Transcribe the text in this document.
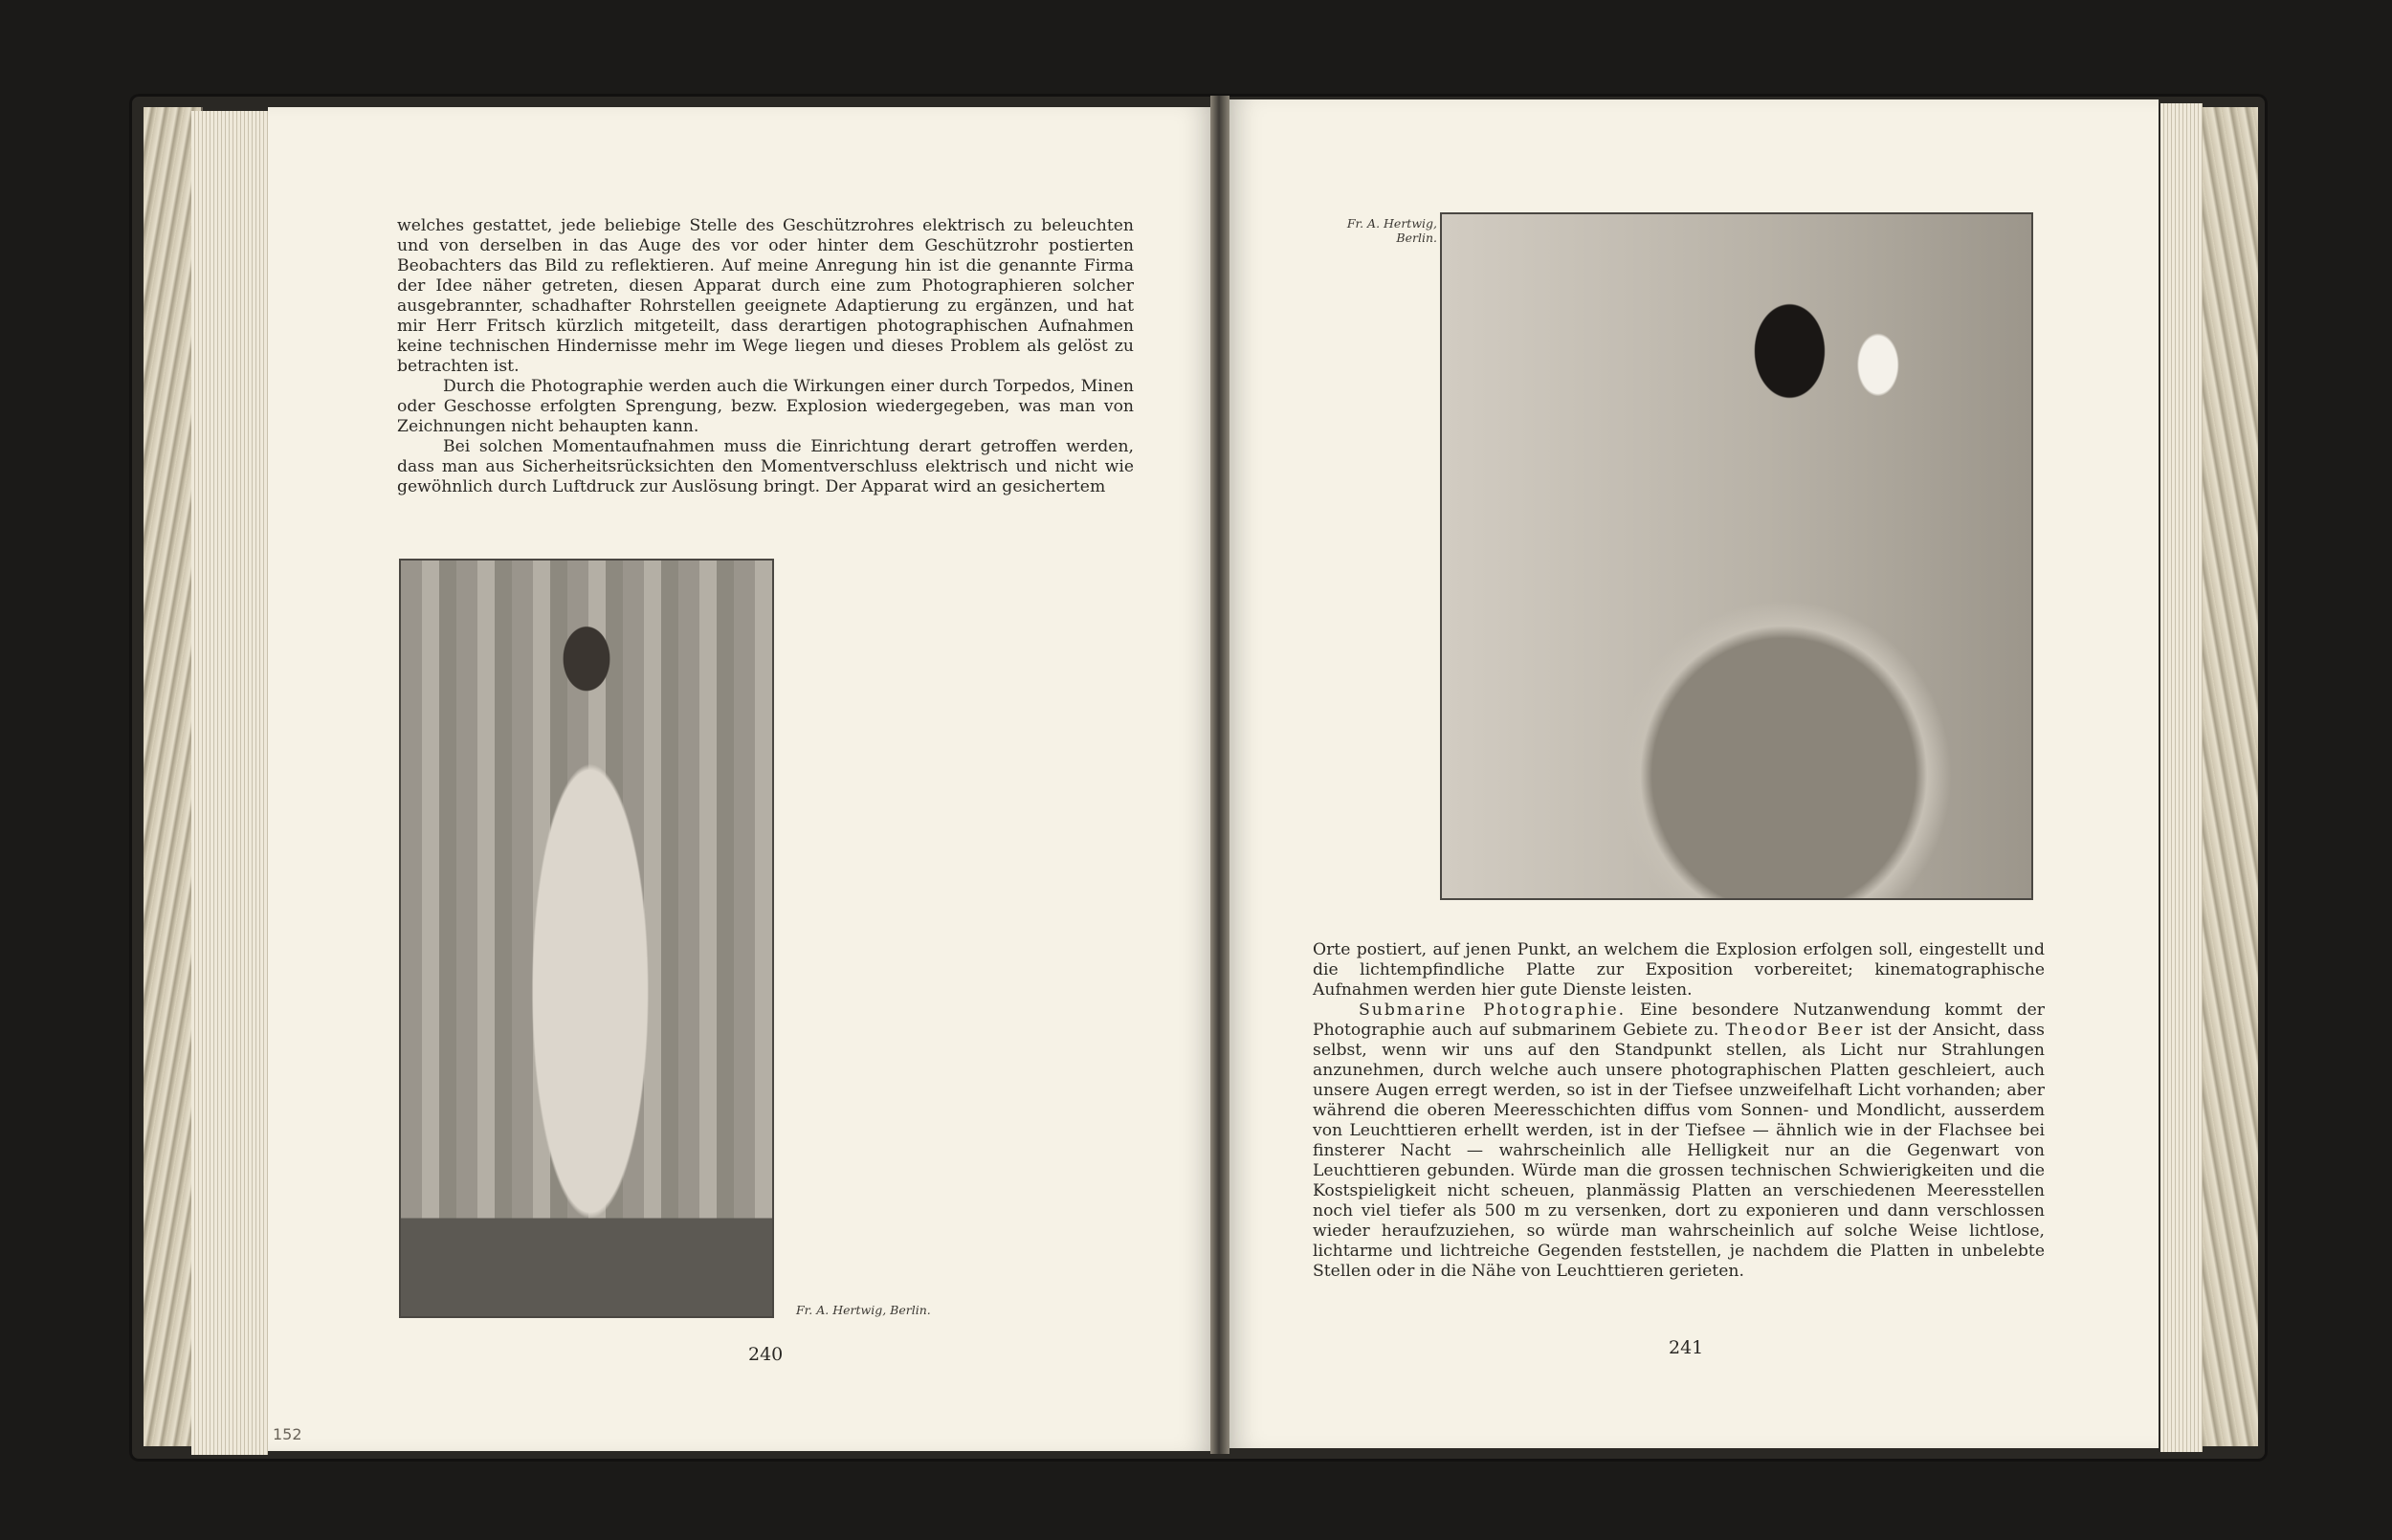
welches gestattet, jede beliebige Stelle des Geschützrohres elektrisch zu beleuchten und von derselben in das Auge des vor oder hinter dem Geschützrohr postierten Beobachters das Bild zu reflektieren. Auf meine Anregung hin ist die genannte Firma der Idee näher getreten, diesen Apparat durch eine zum Photographieren solcher ausgebrannter, schadhafter Rohrstellen geeignete Adaptierung zu ergänzen, und hat mir Herr Fritsch kürzlich mitgeteilt, dass derartigen photographischen Aufnahmen keine technischen Hindernisse mehr im Wege liegen und dieses Problem als gelöst zu betrachten ist.

Durch die Photographie werden auch die Wirkungen einer durch Torpedos, Minen oder Geschosse erfolgten Sprengung, bezw. Explosion wiedergegeben, was man von Zeichnungen nicht behaupten kann.

Bei solchen Momentaufnahmen muss die Einrichtung derart getroffen werden, dass man aus Sicherheitsrücksichten den Momentverschluss elektrisch und nicht wie gewöhnlich durch Luftdruck zur Auslösung bringt. Der Apparat wird an gesichertem

Fr. A. Hertwig, Berlin.
240
152
Fr. A. Hertwig,
Berlin.

Orte postiert, auf jenen Punkt, an welchem die Explosion erfolgen soll, eingestellt und die lichtempfindliche Platte zur Exposition vorbereitet; kinematographische Aufnahmen werden hier gute Dienste leisten.

Submarine Photographie. Eine besondere Nutzanwendung kommt der Photographie auch auf submarinem Gebiete zu. Theodor Beer ist der Ansicht, dass selbst, wenn wir uns auf den Standpunkt stellen, als Licht nur Strahlungen anzunehmen, durch welche auch unsere photographischen Platten geschleiert, auch unsere Augen erregt werden, so ist in der Tiefsee unzweifelhaft Licht vorhanden; aber während die oberen Meeresschichten diffus vom Sonnen- und Mondlicht, ausserdem von Leuchttieren erhellt werden, ist in der Tiefsee — ähnlich wie in der Flachsee bei finsterer Nacht — wahrscheinlich alle Helligkeit nur an die Gegenwart von Leuchttieren gebunden. Würde man die grossen technischen Schwierigkeiten und die Kostspieligkeit nicht scheuen, planmässig Platten an verschiedenen Meeresstellen noch viel tiefer als 500 m zu versenken, dort zu exponieren und dann verschlossen wieder heraufzuziehen, so würde man wahrscheinlich auf solche Weise lichtlose, lichtarme und lichtreiche Gegenden feststellen, je nachdem die Platten in unbelebte Stellen oder in die Nähe von Leuchttieren gerieten.

241
